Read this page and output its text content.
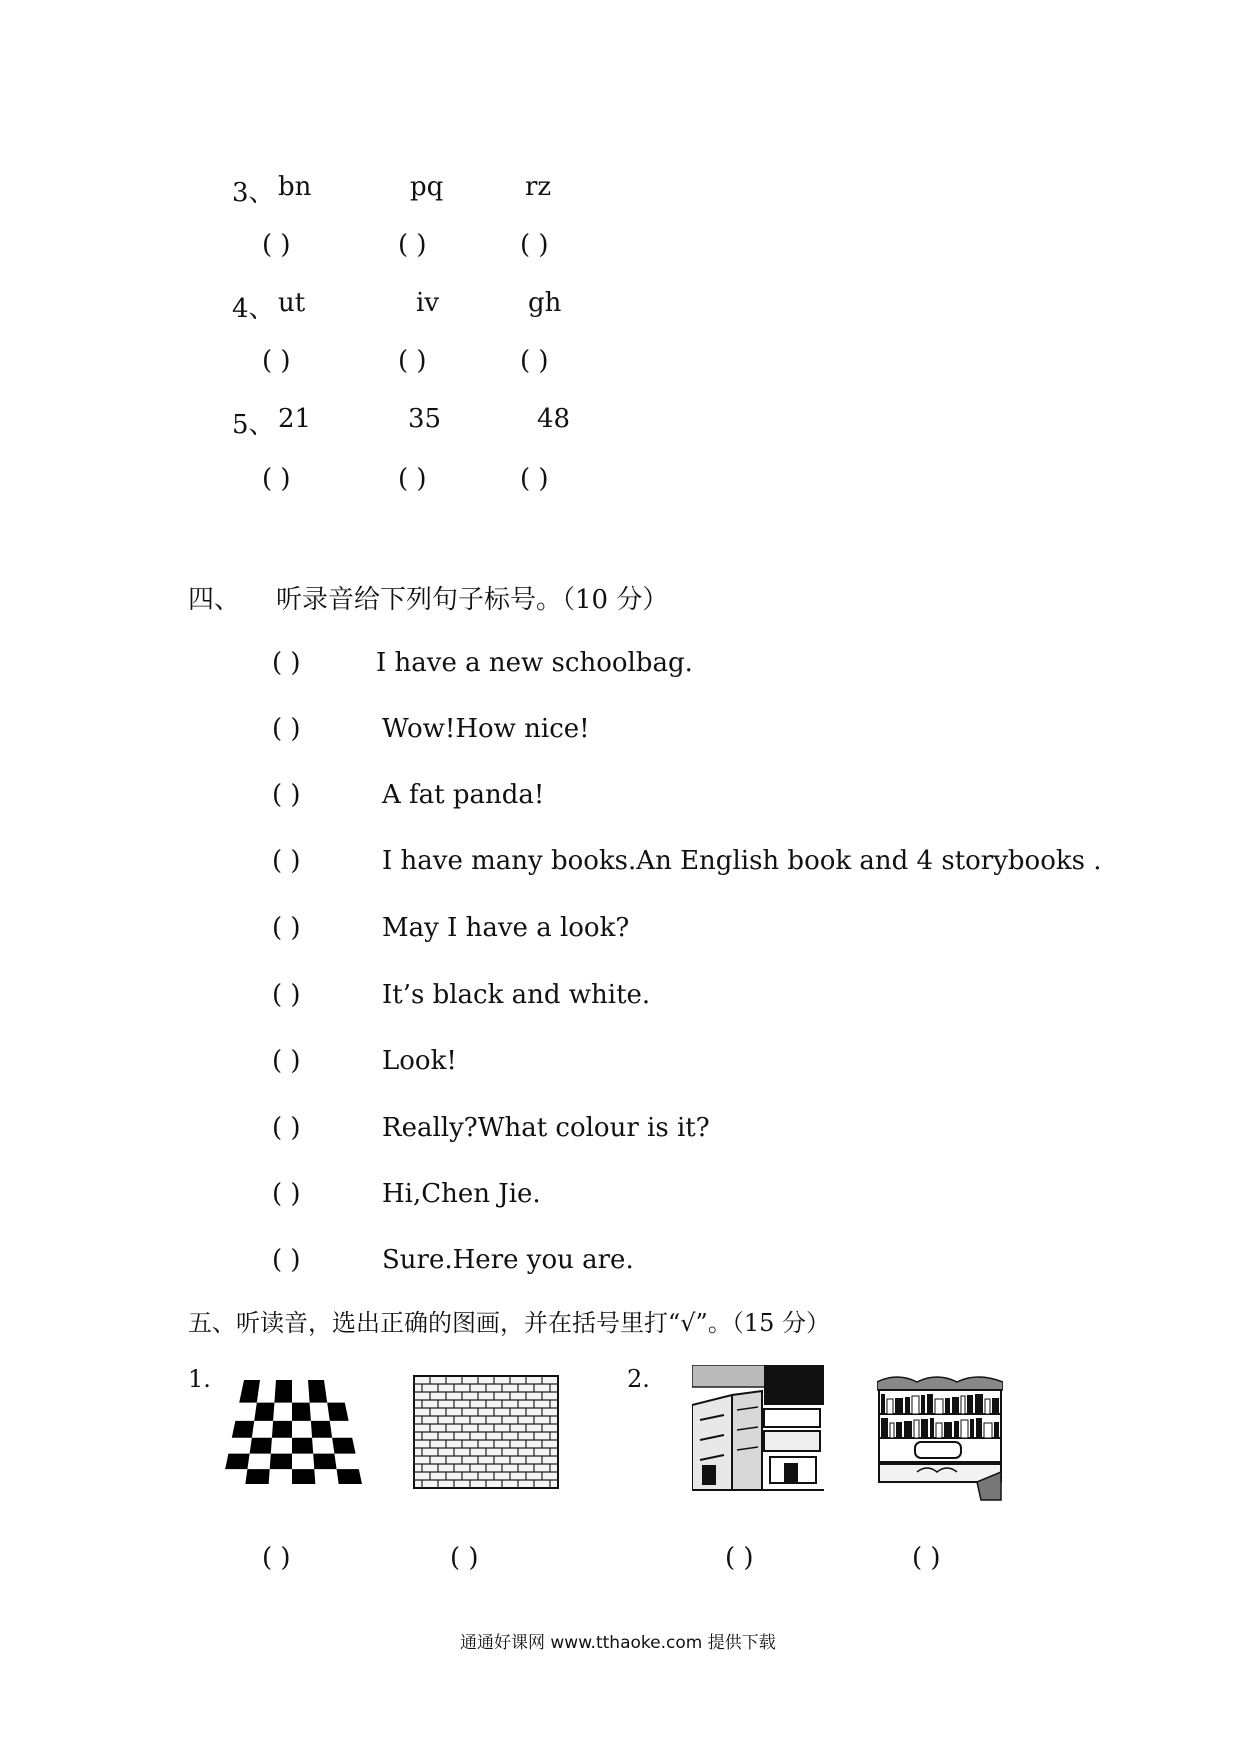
3、 bn	pq	rz
( )	( )	( )
4、 ut	iv	gh
( )	( )	( )
5、 21	35	48
( )	( )	( )
四、 听录音给下列句子标号。（10 分）
( )	I have a new schoolbag.
( )	Wow!How nice!
( )	A fat panda!
( )	I have many books.An English book and 4 storybooks .
( )	May I have a look?
( )	It’s black and white.
( )	Look!
( )	Really?What colour is it?
( )	Hi,Chen Jie.
( )	Sure.Here you are.
五、听读音，选出正确的图画，并在括号里打“√”。（15 分）
1.	2.
( )	( )	( )	( )
通通好课网 www.tthaoke.com 提供下载
